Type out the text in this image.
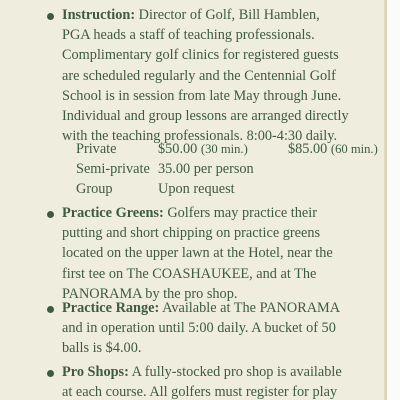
Instruction: Director of Golf, Bill Hamblen,

PGA heads a staff of teaching professionals.

Complimentary golf clinics for registered guests

are scheduled regularly and the Centennial Golf

School is in session from late May through June.

Individual and group lessons are arranged directly

with the teaching professionals. 8:00-4:30 daily.

Private	$50.00 (30 min.)	$85.00 (60 min.)
Semi-private 35.00 per person
Group	Upon request

Practice Greens: Golfers may practice their

putting and short chipping on practice greens

located on the upper lawn at the Hotel, near the

first tee on The COASHAUKEE, and at The

PANORAMA by the pro shop.

Practice Range: Available at The PANORAMA

and in operation until 5:00 daily. A bucket of 50

balls is $4.00.

Pro Shops: A fully-stocked pro shop is available

at each course. All golfers must register for play
